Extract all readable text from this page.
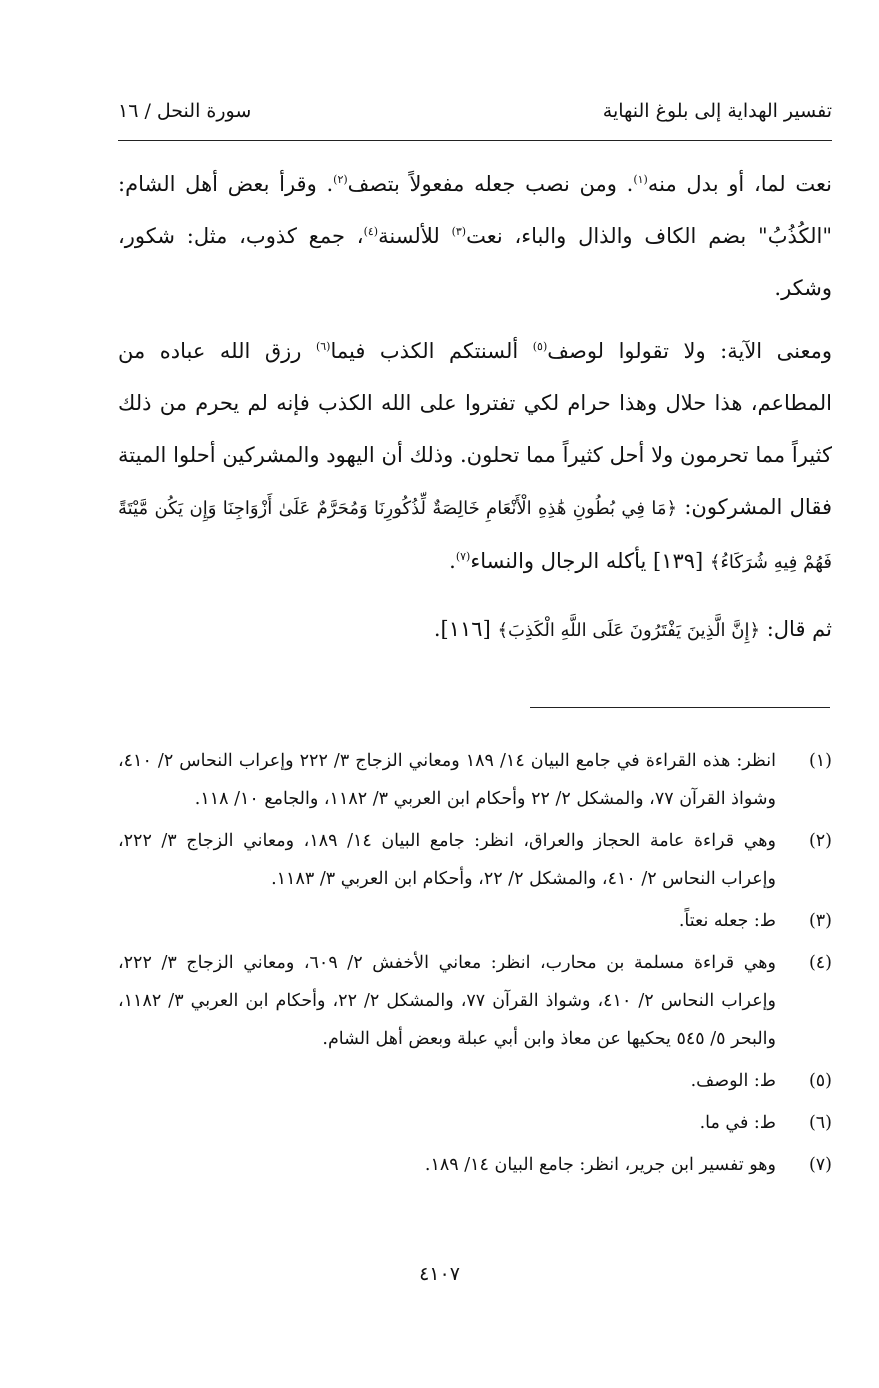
تفسير الهداية إلى بلوغ النهاية
سورة النحل / ١٦

نعت لما، أو بدل منه$^{(١)}$. ومن نصب جعله مفعولاً بتصف$^{(٢)}$. وقرأ بعض أهل الشام: "الكُذُبُ" بضم الكاف والذال والباء، نعت$^{(٣)}$ للألسنة$^{(٤)}$، جمع كذوب، مثل: شكور، وشكر.

ومعنى الآية: ولا تقولوا لوصف$^{(٥)}$ ألسنتكم الكذب فيما$^{(٦)}$ رزق الله عباده من المطاعم، هذا حلال وهذا حرام لكي تفتروا على الله الكذب فإنه لم يحرم من ذلك كثيراً مما تحرمون ولا أحل كثيراً مما تحلون. وذلك أن اليهود والمشركين أحلوا الميتة فقال المشركون: ﴿مَا فِي بُطُونِ هَٰذِهِ الْأَنْعَامِ خَالِصَةٌ لِّذُكُورِنَا وَمُحَرَّمٌ عَلَىٰ أَزْوَاجِنَا وَإِن يَكُن مَّيْتَةً فَهُمْ فِيهِ شُرَكَاءُ﴾ [١٣٩] يأكله الرجال والنساء$^{(٧)}$.

ثم قال: ﴿إِنَّ الَّذِينَ يَفْتَرُونَ عَلَى اللَّهِ الْكَذِبَ﴾ [١١٦].

(١)
انظر: هذه القراءة في جامع البيان ١٤/ ١٨٩ ومعاني الزجاج ٣/ ٢٢٢ وإعراب النحاس ٢/ ٤١٠، وشواذ القرآن ٧٧، والمشكل ٢/ ٢٢ وأحكام ابن العربي ٣/ ١١٨٢، والجامع ١٠/ ١١٨.
(٢)
وهي قراءة عامة الحجاز والعراق، انظر: جامع البيان ١٤/ ١٨٩، ومعاني الزجاج ٣/ ٢٢٢، وإعراب النحاس ٢/ ٤١٠، والمشكل ٢/ ٢٢، وأحكام ابن العربي ٣/ ١١٨٣.
(٣)
ط: جعله نعتاً.
(٤)
وهي قراءة مسلمة بن محارب، انظر: معاني الأخفش ٢/ ٦٠٩، ومعاني الزجاج ٣/ ٢٢٢، وإعراب النحاس ٢/ ٤١٠، وشواذ القرآن ٧٧، والمشكل ٢/ ٢٢، وأحكام ابن العربي ٣/ ١١٨٢، والبحر ٥/ ٥٤٥ يحكيها عن معاذ وابن أبي عبلة وبعض أهل الشام.
(٥)
ط: الوصف.
(٦)
ط: في ما.
(٧)
وهو تفسير ابن جرير، انظر: جامع البيان ١٤/ ١٨٩.
٤١٠٧
